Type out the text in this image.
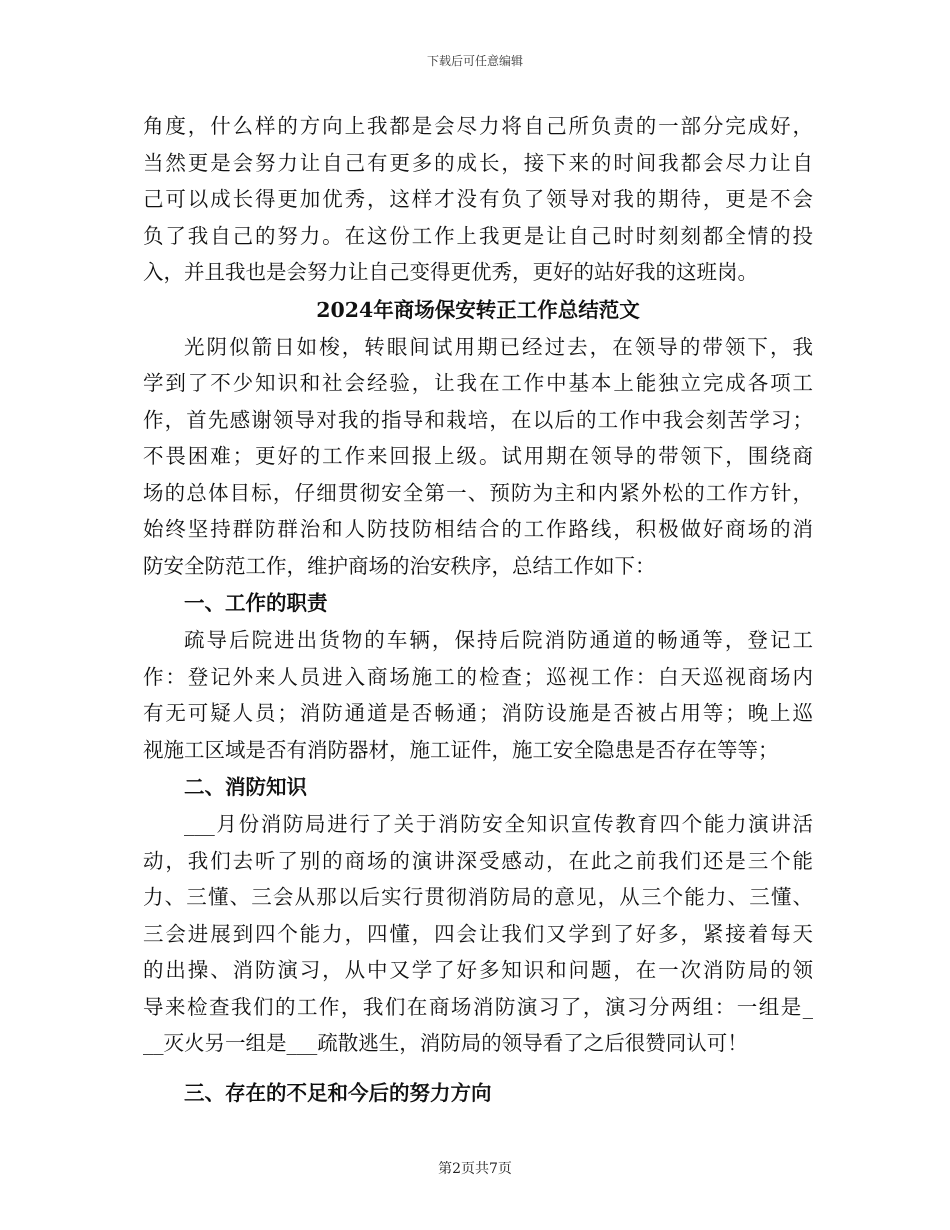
下载后可任意编辑
角度，什么样的方向上我都是会尽力将自己所负责的一部分完成好，
当然更是会努力让自己有更多的成长，接下来的时间我都会尽力让自
己可以成长得更加优秀，这样才没有负了领导对我的期待，更是不会
负了我自己的努力。在这份工作上我更是让自己时时刻刻都全情的投
入，并且我也是会努力让自己变得更优秀，更好的站好我的这班岗。
2024年商场保安转正工作总结范文
光阴似箭日如梭，转眼间试用期已经过去，在领导的带领下，我
学到了不少知识和社会经验，让我在工作中基本上能独立完成各项工
作，首先感谢领导对我的指导和栽培，在以后的工作中我会刻苦学习；
不畏困难；更好的工作来回报上级。试用期在领导的带领下，围绕商
场的总体目标，仔细贯彻安全第一、预防为主和内紧外松的工作方针，
始终坚持群防群治和人防技防相结合的工作路线，积极做好商场的消
防安全防范工作，维护商场的治安秩序，总结工作如下：
一、工作的职责
疏导后院进出货物的车辆，保持后院消防通道的畅通等，登记工
作：登记外来人员进入商场施工的检查；巡视工作：白天巡视商场内
有无可疑人员；消防通道是否畅通；消防设施是否被占用等；晚上巡
视施工区域是否有消防器材，施工证件，施工安全隐患是否存在等等；
二、消防知识
___月份消防局进行了关于消防安全知识宣传教育四个能力演讲活
动，我们去听了别的商场的演讲深受感动，在此之前我们还是三个能
力、三懂、三会从那以后实行贯彻消防局的意见，从三个能力、三懂、
三会进展到四个能力，四懂，四会让我们又学到了好多，紧接着每天
的出操、消防演习，从中又学了好多知识和问题，在一次消防局的领
导来检查我们的工作，我们在商场消防演习了，演习分两组：一组是_
__灭火另一组是___疏散逃生，消防局的领导看了之后很赞同认可！
三、存在的不足和今后的努力方向
第2页共7页
